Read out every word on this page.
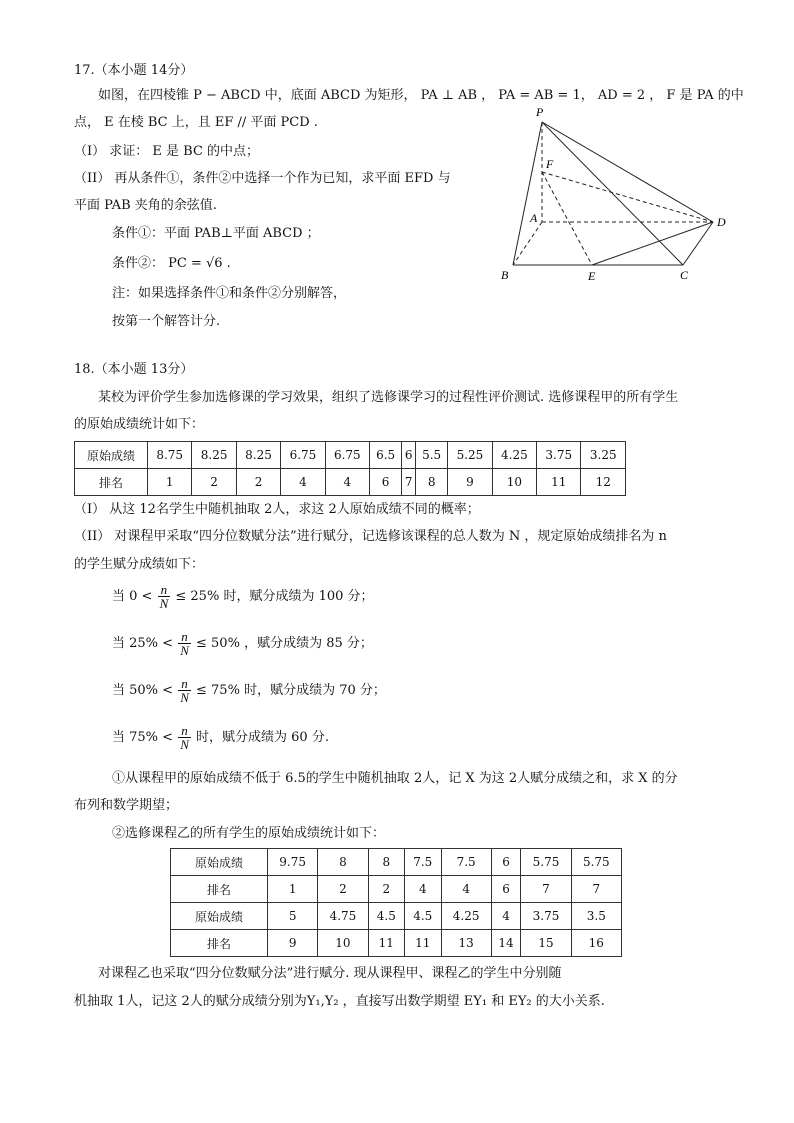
17.（本小题 14分）
如图，在四棱锥 P − ABCD 中，底面 ABCD 为矩形， PA ⊥ AB ， PA = AB = 1， AD = 2 ， F 是 PA 的中
点， E 在棱 BC 上，且 EF // 平面 PCD .
（I） 求证： E 是 BC 的中点；
（II） 再从条件①，条件②中选择一个作为已知，求平面 EFD 与
平面 PAB 夹角的余弦值.
条件①：平面 PAB⊥平面 ABCD ；
条件②： PC = √6 .
注：如果选择条件①和条件②分别解答，
按第一个解答计分.
P
F
A	D
B	E	C
18.（本小题 13分）
某校为评价学生参加选修课的学习效果，组织了选修课学习的过程性评价测试. 选修课程甲的所有学生
的原始成绩统计如下：
原始成绩	8.75	8.25	8.25	6.75	6.75	6.5	6	5.5	5.25	4.25	3.75	3.25
排名	1	2	2	4	4	6	7	8	9	10	11	12
（I） 从这 12名学生中随机抽取 2人，求这 2人原始成绩不同的概率；
（II） 对课程甲采取“四分位数赋分法”进行赋分，记选修该课程的总人数为 N ，规定原始成绩排名为 n
的学生赋分成绩如下：
当 $0 < \frac{n}{N} \le 25\%$ 时，赋分成绩为 100 分；
当 $25\% < \frac{n}{N} \le 50\%$ ，赋分成绩为 85 分；
当 $50\% < \frac{n}{N} \le 75\%$ 时，赋分成绩为 70 分；
当 $75\% < \frac{n}{N}$ 时，赋分成绩为 60 分.
①从课程甲的原始成绩不低于 6.5的学生中随机抽取 2人，记 X 为这 2人赋分成绩之和，求 X 的分
布列和数学期望；
②选修课程乙的所有学生的原始成绩统计如下：
原始成绩	9.75	8	8	7.5	7.5	6	5.75	5.75
排名	1	2	2	4	4	6	7	7
原始成绩	5	4.75	4.5	4.5	4.25	4	3.75	3.5
排名	9	10	11	11	13	14	15	16
对课程乙也采取“四分位数赋分法”进行赋分. 现从课程甲、课程乙的学生中分别随
机抽取 1人，记这 2人的赋分成绩分别为Y₁,Y₂ ，直接写出数学期望 EY₁ 和 EY₂ 的大小关系.
